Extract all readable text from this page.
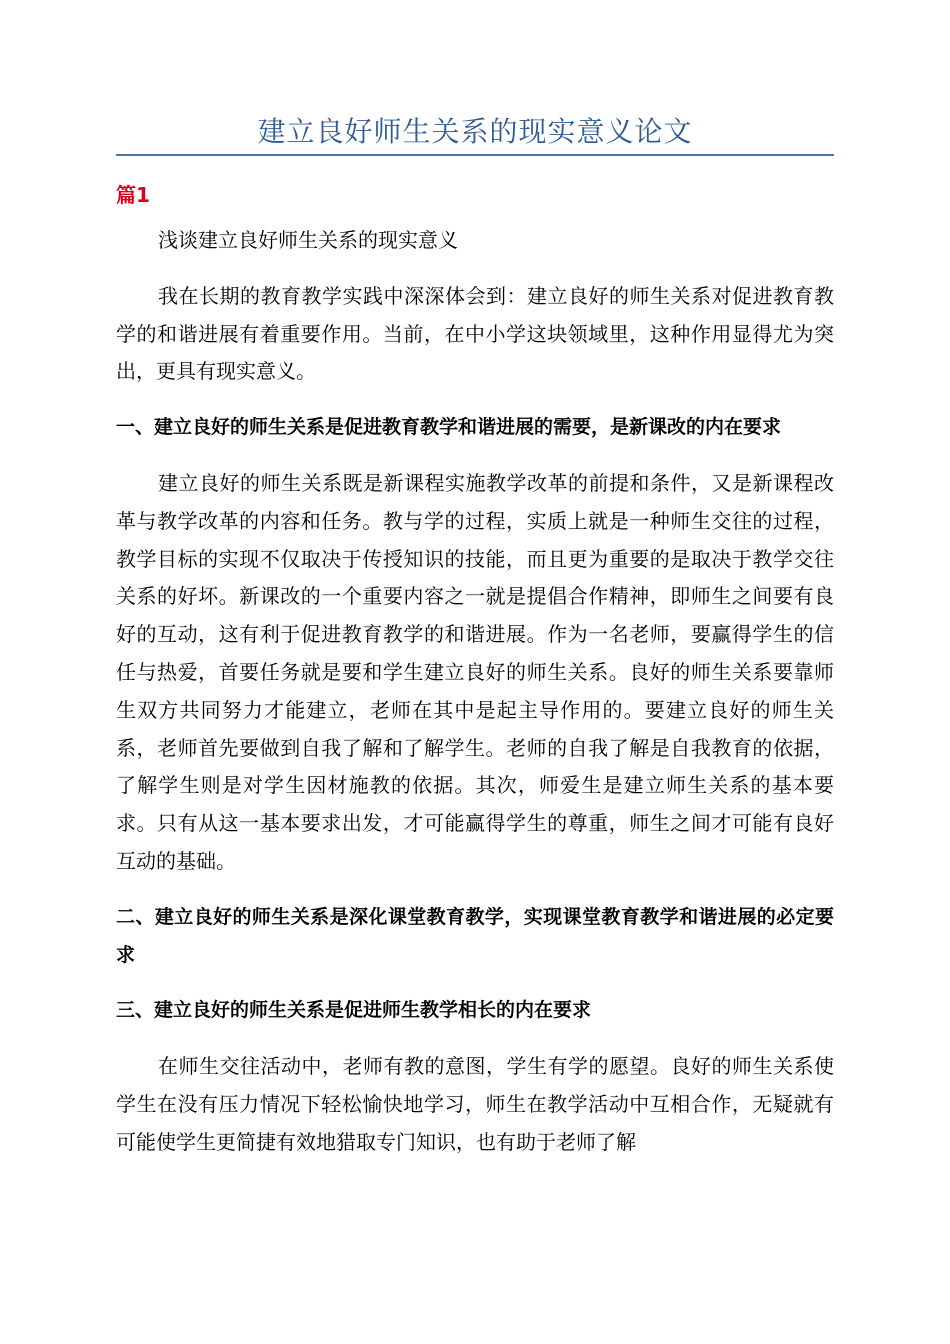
建立良好师生关系的现实意义论文
篇1

浅谈建立良好师生关系的现实意义

我在长期的教育教学实践中深深体会到：建立良好的师生关系对促进教育教学的和谐进展有着重要作用。当前，在中小学这块领域里，这种作用显得尤为突出，更具有现实意义。

一、建立良好的师生关系是促进教育教学和谐进展的需要，是新课改的内在要求

建立良好的师生关系既是新课程实施教学改革的前提和条件，又是新课程改革与教学改革的内容和任务。教与学的过程，实质上就是一种师生交往的过程，教学目标的实现不仅取决于传授知识的技能，而且更为重要的是取决于教学交往关系的好坏。新课改的一个重要内容之一就是提倡合作精神，即师生之间要有良好的互动，这有利于促进教育教学的和谐进展。作为一名老师，要赢得学生的信任与热爱，首要任务就是要和学生建立良好的师生关系。良好的师生关系要靠师生双方共同努力才能建立，老师在其中是起主导作用的。要建立良好的师生关系，老师首先要做到自我了解和了解学生。老师的自我了解是自我教育的依据，了解学生则是对学生因材施教的依据。其次，师爱生是建立师生关系的基本要求。只有从这一基本要求出发，才可能赢得学生的尊重，师生之间才可能有良好互动的基础。

二、建立良好的师生关系是深化课堂教育教学，实现课堂教育教学和谐进展的必定要求

三、建立良好的师生关系是促进师生教学相长的内在要求

在师生交往活动中，老师有教的意图，学生有学的愿望。良好的师生关系使学生在没有压力情况下轻松愉快地学习，师生在教学活动中互相合作，无疑就有可能使学生更简捷有效地猎取专门知识，也有助于老师了解
